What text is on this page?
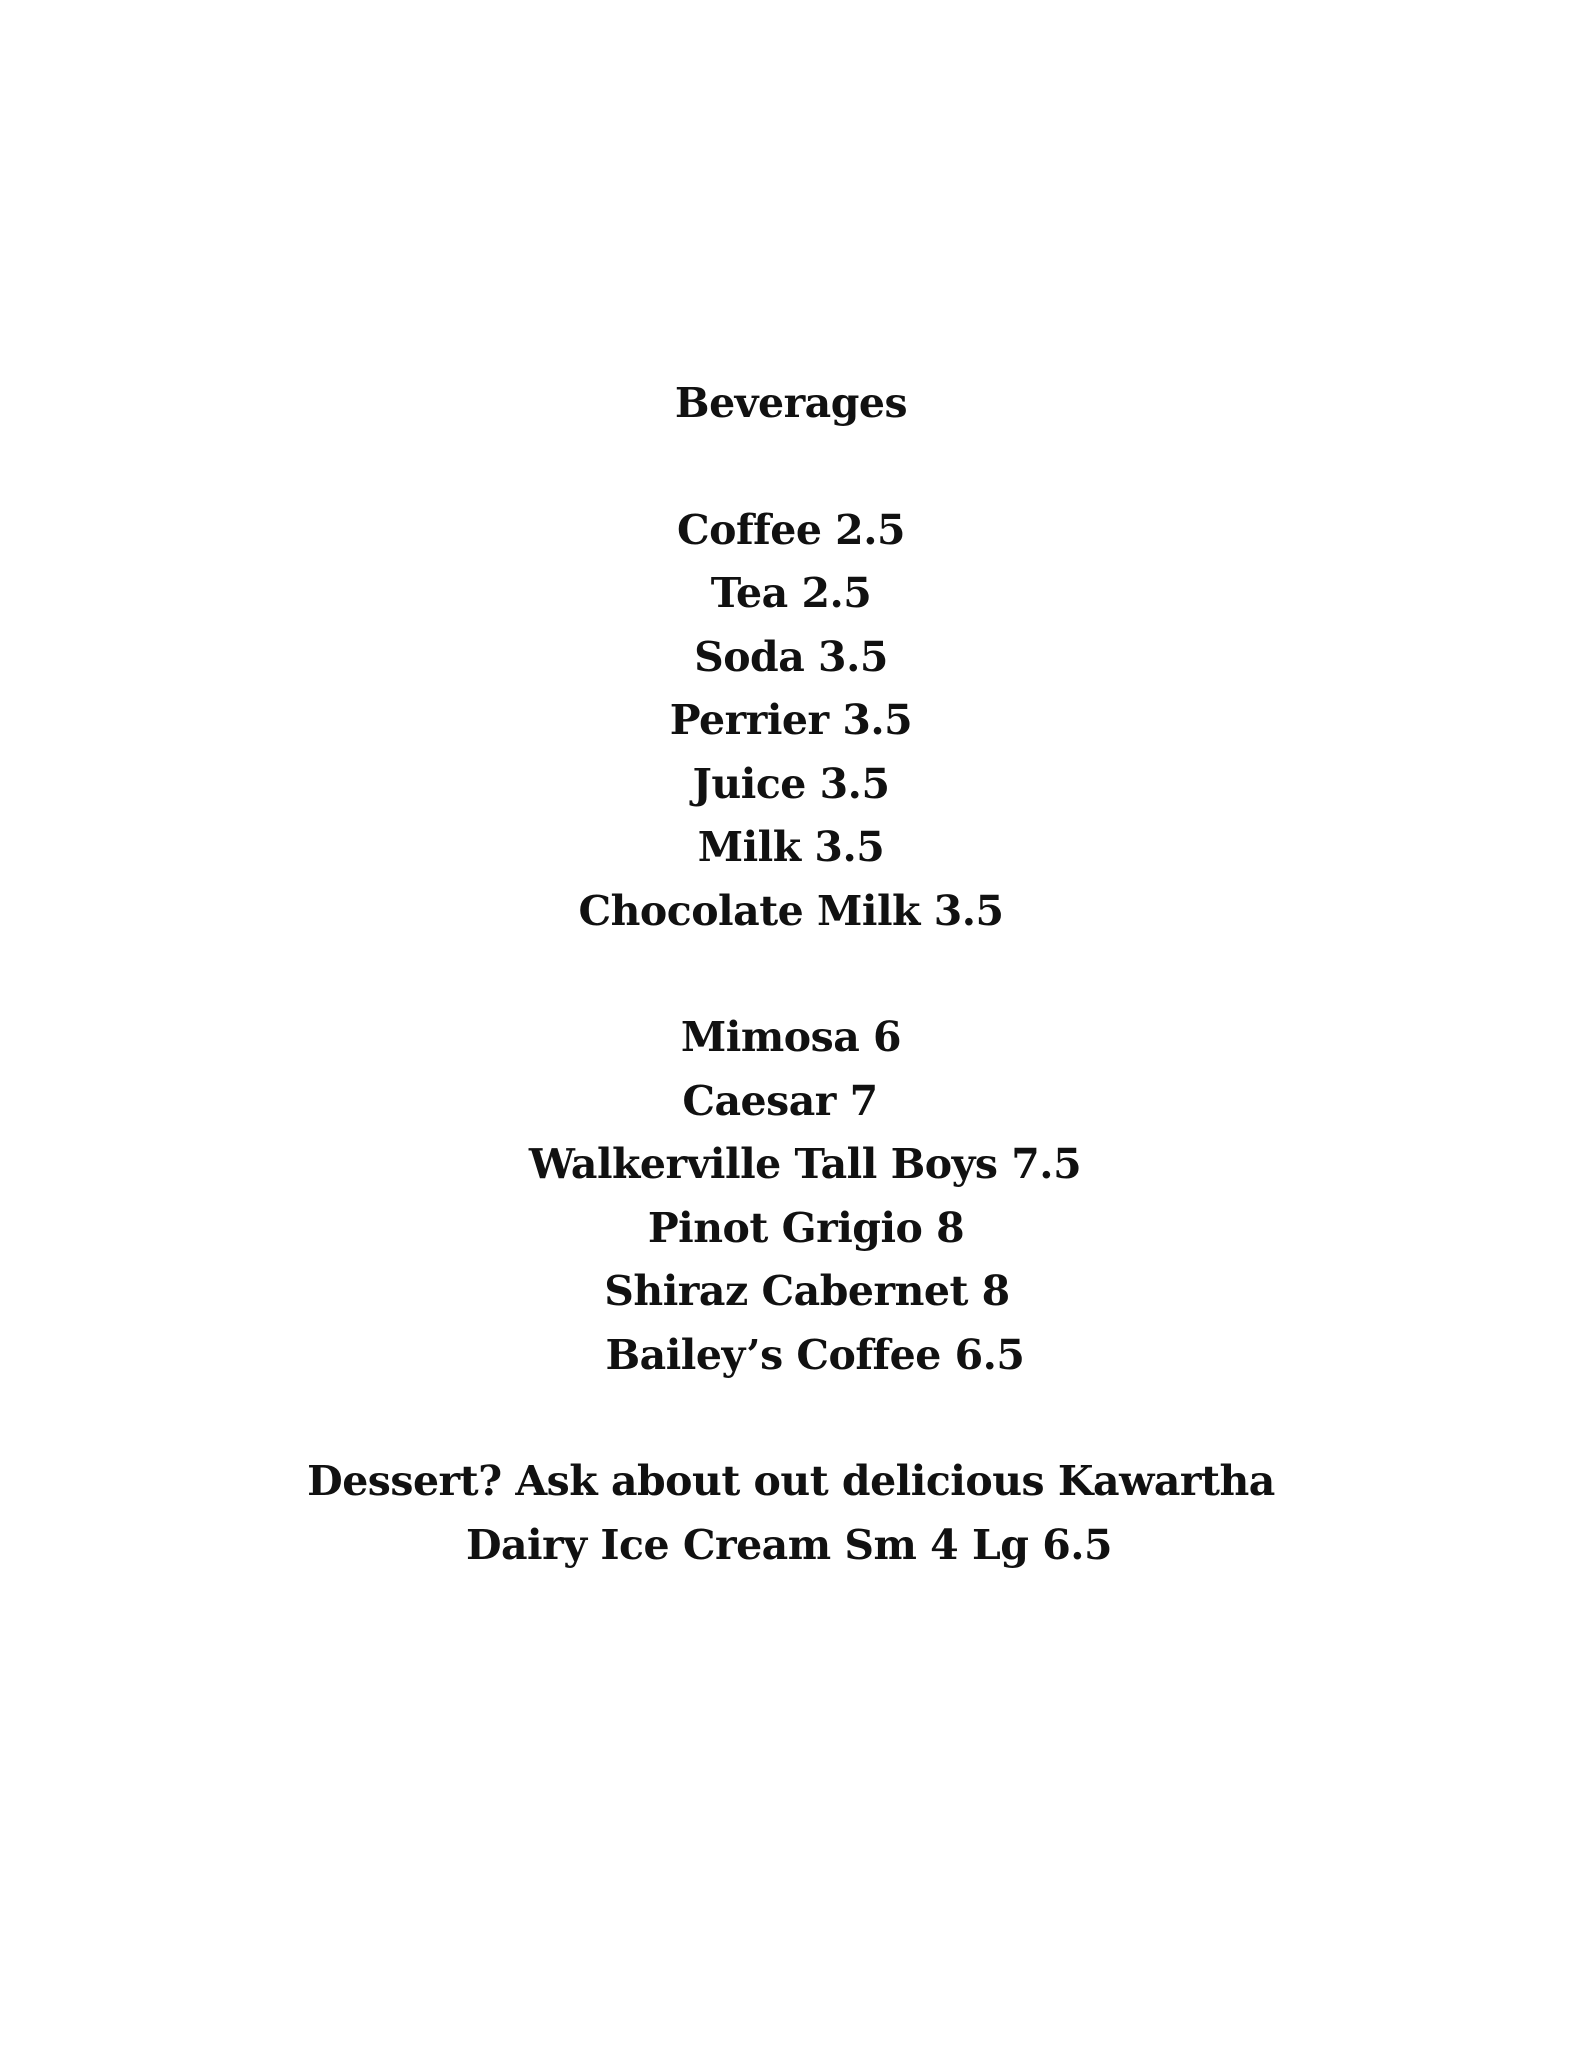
Beverages
Coffee 2.5
Tea 2.5
Soda 3.5
Perrier 3.5
Juice 3.5
Milk 3.5
Chocolate Milk 3.5
Mimosa 6
Caesar 7
Walkerville Tall Boys 7.5
Pinot Grigio 8
Shiraz Cabernet 8
Bailey’s Coffee 6.5
Dessert? Ask about out delicious Kawartha
Dairy Ice Cream Sm 4 Lg 6.5
